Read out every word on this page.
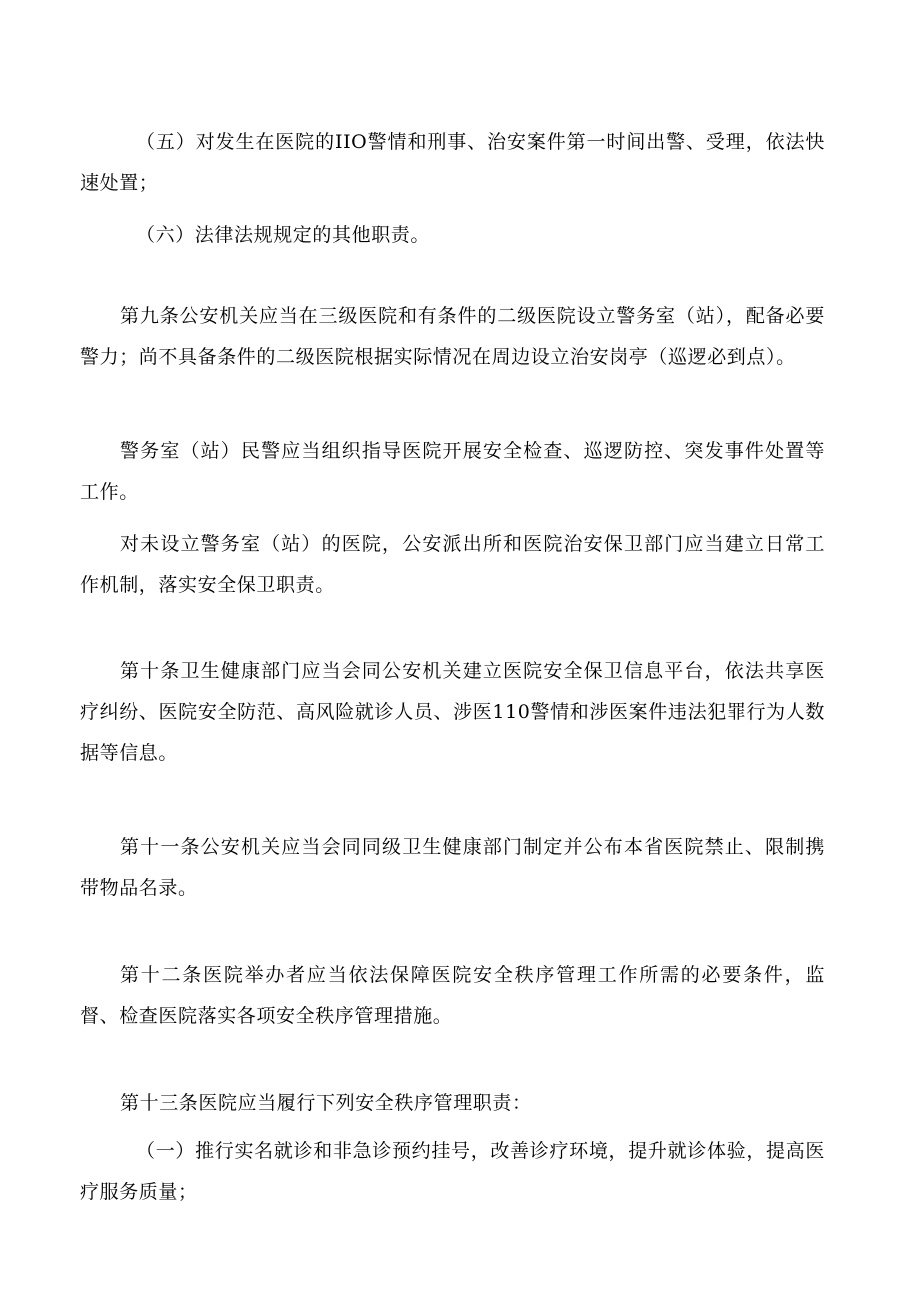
（五）对发生在医院的IIO警情和刑事、治安案件第一时间出警、受理，依法快速处置；

（六）法律法规规定的其他职责。

第九条公安机关应当在三级医院和有条件的二级医院设立警务室（站），配备必要警力；尚不具备条件的二级医院根据实际情况在周边设立治安岗亭（巡逻必到点）。

警务室（站）民警应当组织指导医院开展安全检查、巡逻防控、突发事件处置等工作。

对未设立警务室（站）的医院，公安派出所和医院治安保卫部门应当建立日常工作机制，落实安全保卫职责。

第十条卫生健康部门应当会同公安机关建立医院安全保卫信息平台，依法共享医疗纠纷、医院安全防范、高风险就诊人员、涉医110警情和涉医案件违法犯罪行为人数据等信息。

第十一条公安机关应当会同同级卫生健康部门制定并公布本省医院禁止、限制携带物品名录。

第十二条医院举办者应当依法保障医院安全秩序管理工作所需的必要条件，监督、检查医院落实各项安全秩序管理措施。

第十三条医院应当履行下列安全秩序管理职责：

（一）推行实名就诊和非急诊预约挂号，改善诊疗环境，提升就诊体验，提高医疗服务质量；
